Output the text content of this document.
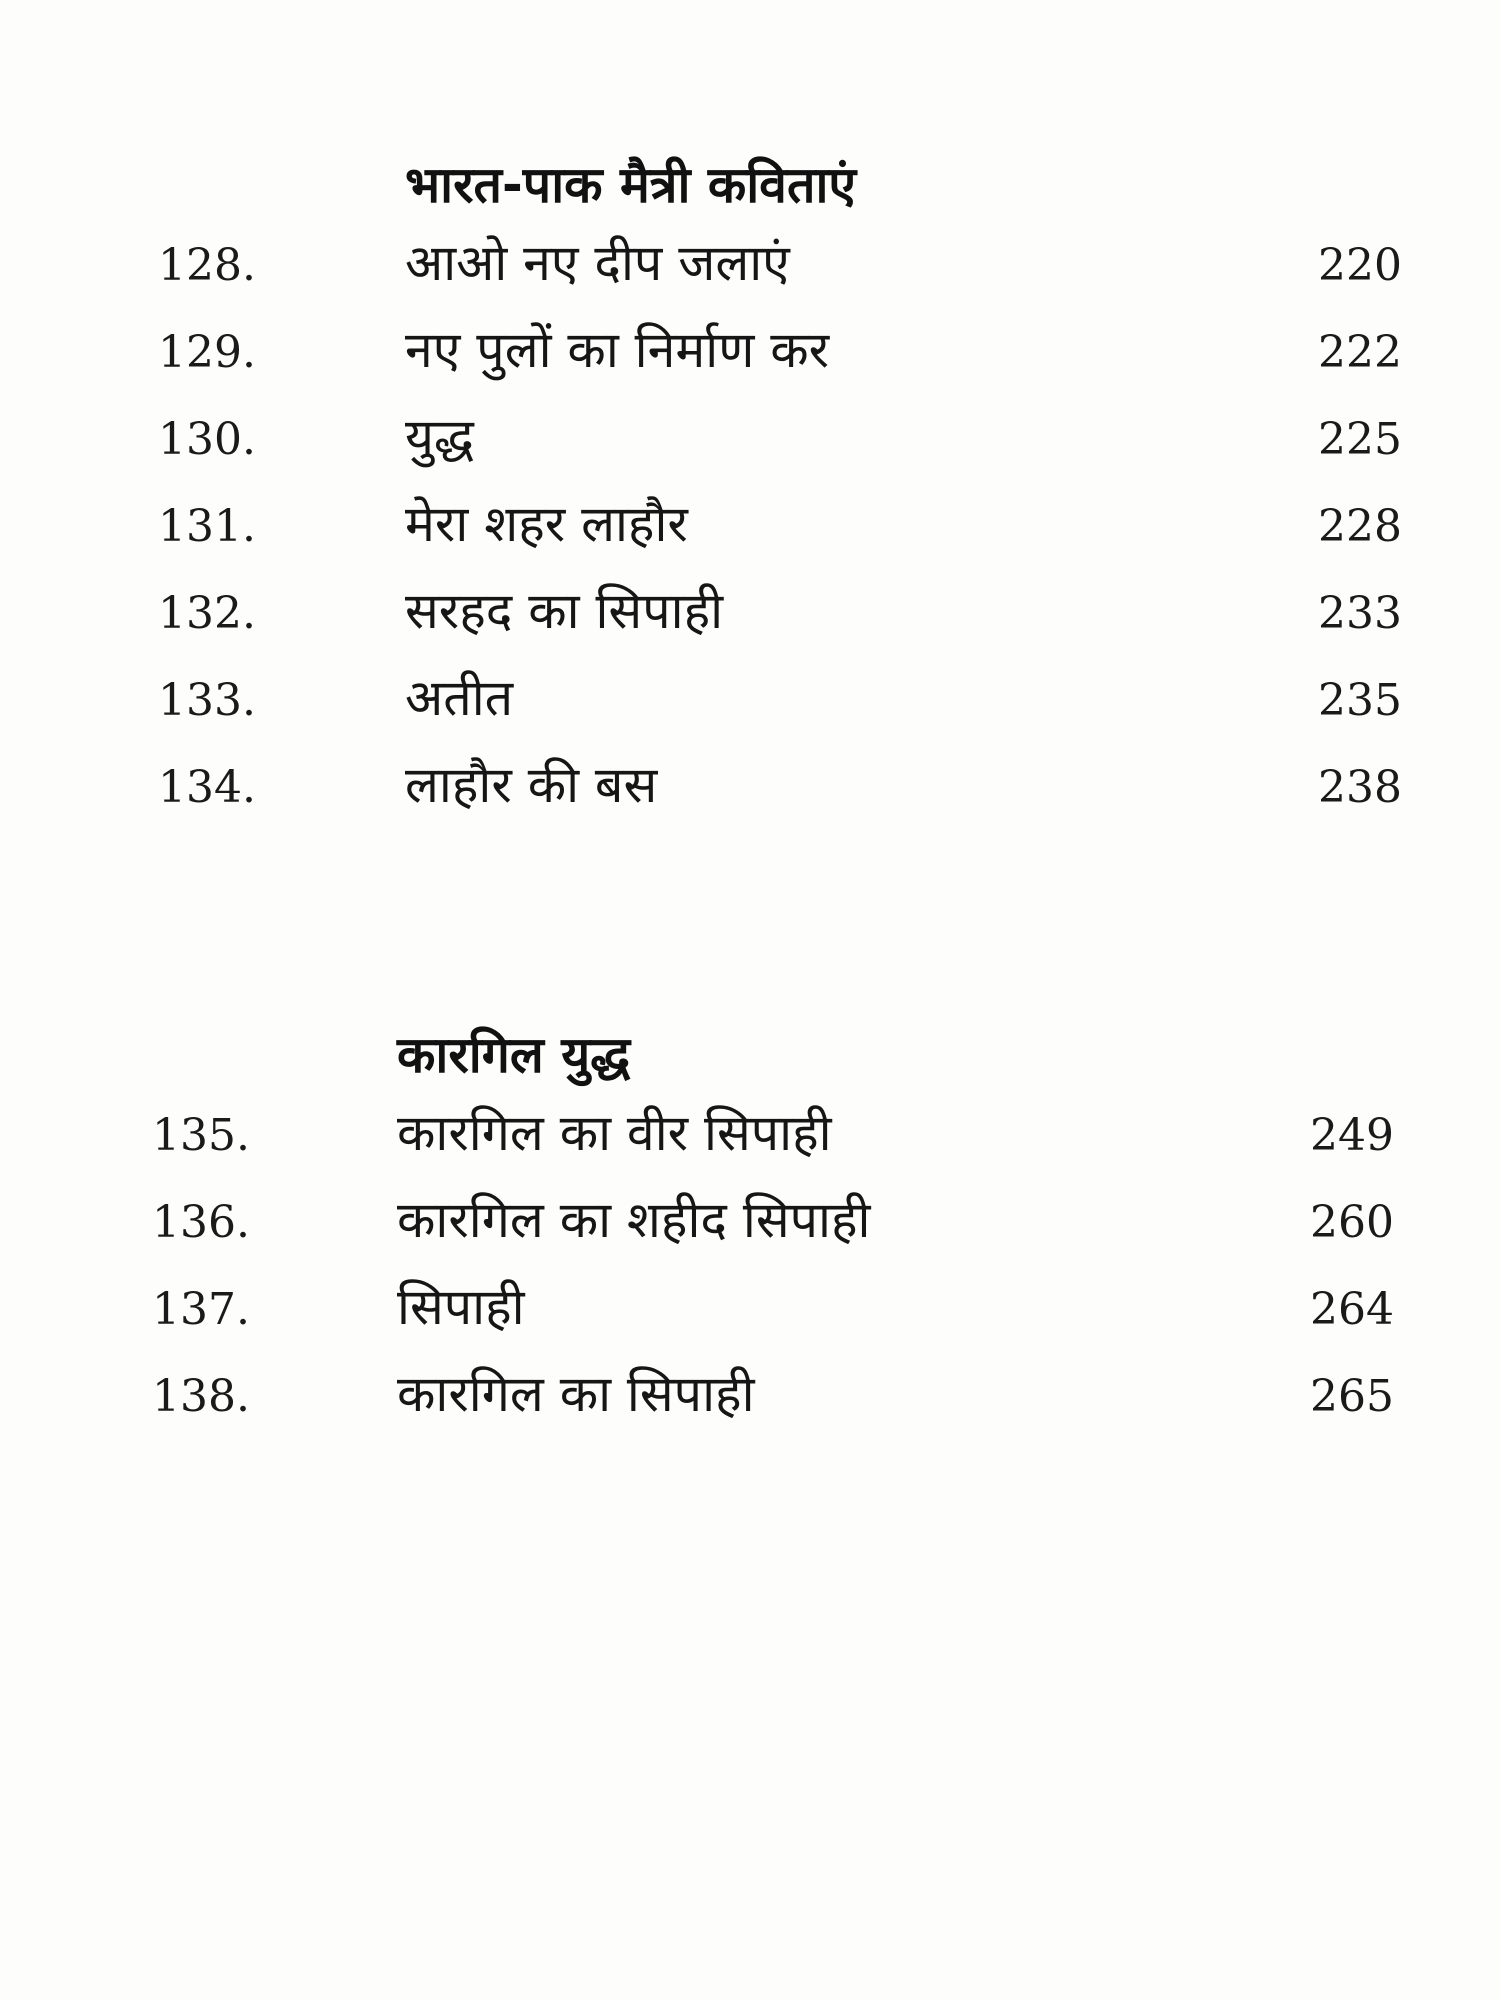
भारत-पाक मैत्री कविताएं
128.	आओ नए दीप जलाएं	220
129.	नए पुलों का निर्माण कर	222
130.	युद्ध	225
131.	मेरा शहर लाहौर	228
132.	सरहद का सिपाही	233
133.	अतीत	235
134.	लाहौर की बस	238
कारगिल युद्ध
135.	कारगिल का वीर सिपाही	249
136.	कारगिल का शहीद सिपाही	260
137.	सिपाही	264
138.	कारगिल का सिपाही	265
